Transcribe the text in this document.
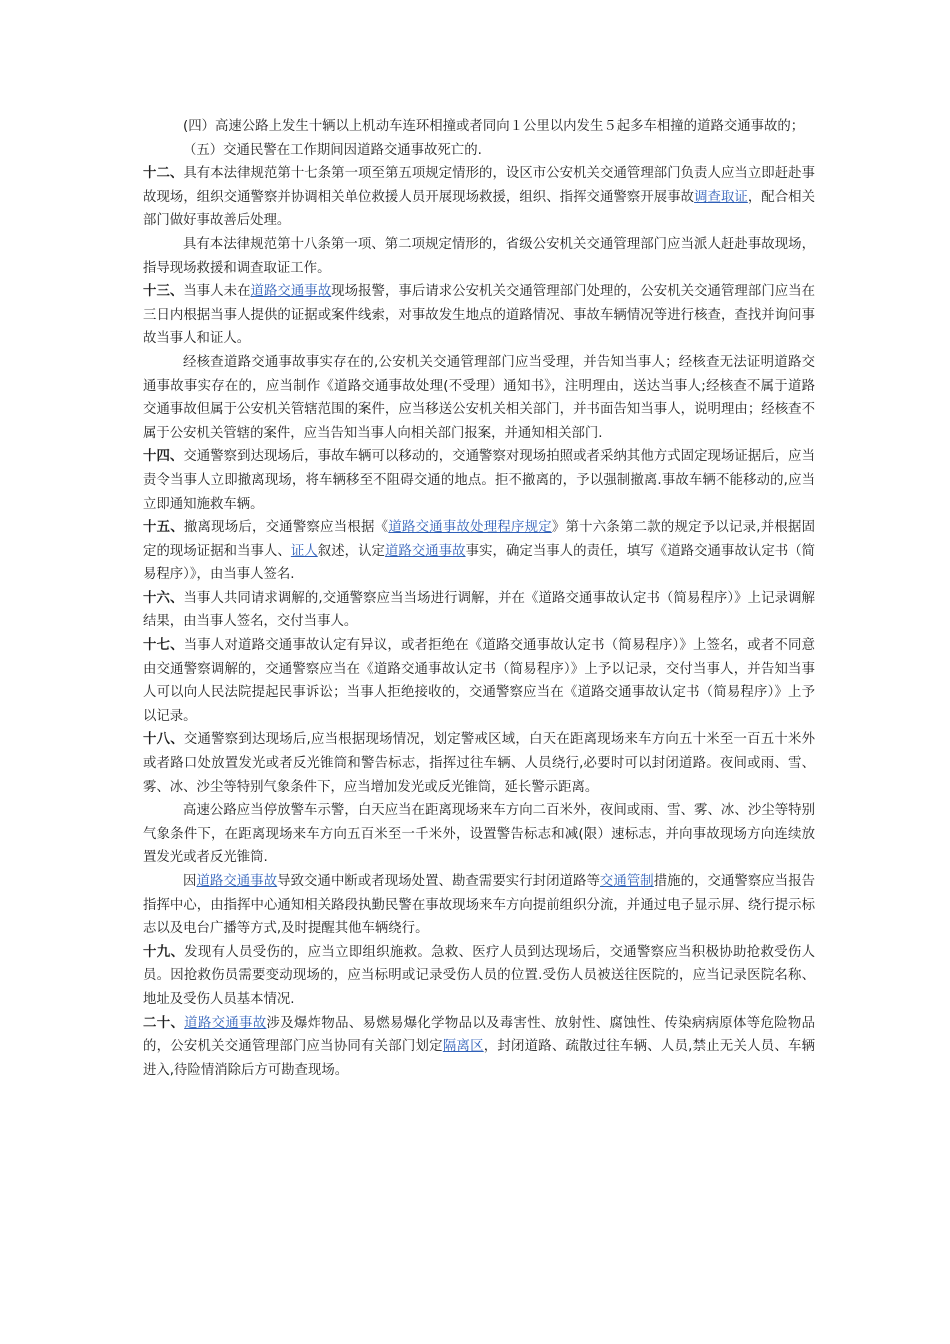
(四）高速公路上发生十辆以上机动车连环相撞或者同向１公里以内发生５起多车相撞的道路交通事故的；

（五）交通民警在工作期间因道路交通事故死亡的.

十二、具有本法律规范第十七条第一项至第五项规定情形的，设区市公安机关交通管理部门负责人应当立即赶赴事故现场，组织交通警察并协调相关单位救援人员开展现场救援，组织、指挥交通警察开展事故调查取证，配合相关部门做好事故善后处理。

具有本法律规范第十八条第一项、第二项规定情形的，省级公安机关交通管理部门应当派人赶赴事故现场，指导现场救援和调查取证工作。

十三、当事人未在道路交通事故现场报警，事后请求公安机关交通管理部门处理的，公安机关交通管理部门应当在三日内根据当事人提供的证据或案件线索，对事故发生地点的道路情况、事故车辆情况等进行核查，查找并询问事故当事人和证人。

经核查道路交通事故事实存在的,公安机关交通管理部门应当受理，并告知当事人；经核查无法证明道路交通事故事实存在的，应当制作《道路交通事故处理(不受理）通知书》，注明理由，送达当事人;经核查不属于道路交通事故但属于公安机关管辖范围的案件，应当移送公安机关相关部门，并书面告知当事人，说明理由；经核查不属于公安机关管辖的案件，应当告知当事人向相关部门报案，并通知相关部门.

十四、交通警察到达现场后，事故车辆可以移动的，交通警察对现场拍照或者采纳其他方式固定现场证据后，应当责令当事人立即撤离现场，将车辆移至不阻碍交通的地点。拒不撤离的，予以强制撤离.事故车辆不能移动的,应当立即通知施救车辆。

十五、撤离现场后，交通警察应当根据《道路交通事故处理程序规定》第十六条第二款的规定予以记录,并根据固定的现场证据和当事人、证人叙述，认定道路交通事故事实，确定当事人的责任，填写《道路交通事故认定书（简易程序）》，由当事人签名.

十六、当事人共同请求调解的,交通警察应当当场进行调解，并在《道路交通事故认定书（简易程序）》上记录调解结果，由当事人签名，交付当事人。

十七、当事人对道路交通事故认定有异议，或者拒绝在《道路交通事故认定书（简易程序）》上签名，或者不同意由交通警察调解的，交通警察应当在《道路交通事故认定书（简易程序）》上予以记录，交付当事人，并告知当事人可以向人民法院提起民事诉讼；当事人拒绝接收的，交通警察应当在《道路交通事故认定书（简易程序）》上予以记录。

十八、交通警察到达现场后,应当根据现场情况，划定警戒区域，白天在距离现场来车方向五十米至一百五十米外或者路口处放置发光或者反光锥筒和警告标志，指挥过往车辆、人员绕行,必要时可以封闭道路。夜间或雨、雪、雾、冰、沙尘等特别气象条件下，应当增加发光或反光锥筒，延长警示距离。

高速公路应当停放警车示警，白天应当在距离现场来车方向二百米外，夜间或雨、雪、雾、冰、沙尘等特别气象条件下，在距离现场来车方向五百米至一千米外，设置警告标志和减(限）速标志，并向事故现场方向连续放置发光或者反光锥筒.

因道路交通事故导致交通中断或者现场处置、勘查需要实行封闭道路等交通管制措施的，交通警察应当报告指挥中心，由指挥中心通知相关路段执勤民警在事故现场来车方向提前组织分流，并通过电子显示屏、绕行提示标志以及电台广播等方式,及时提醒其他车辆绕行。

十九、发现有人员受伤的，应当立即组织施救。急救、医疗人员到达现场后，交通警察应当积极协助抢救受伤人员。因抢救伤员需要变动现场的，应当标明或记录受伤人员的位置.受伤人员被送往医院的，应当记录医院名称、地址及受伤人员基本情况.

二十、道路交通事故涉及爆炸物品、易燃易爆化学物品以及毒害性、放射性、腐蚀性、传染病病原体等危险物品的，公安机关交通管理部门应当协同有关部门划定隔离区，封闭道路、疏散过往车辆、人员,禁止无关人员、车辆进入,待险情消除后方可勘查现场。
